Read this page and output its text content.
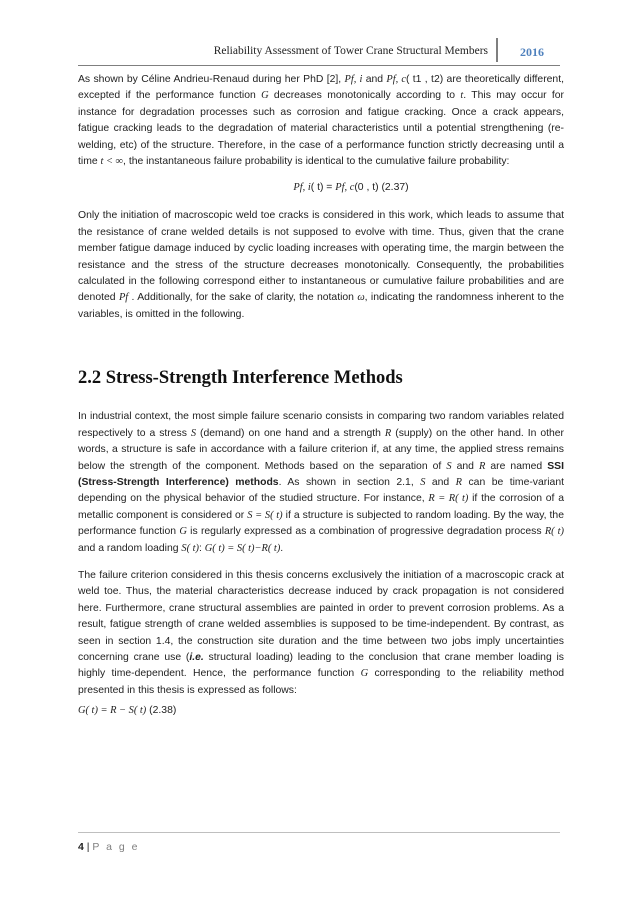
Reliability Assessment of Tower Crane Structural Members	2016

As shown by Céline Andrieu-Renaud during her PhD [2], Pf, i and Pf, c( t1 , t2) are theoretically different, excepted if the performance function G decreases monotonically according to t. This may occur for instance for degradation processes such as corrosion and fatigue cracking. Once a crack appears, fatigue cracking leads to the degradation of material characteristics until a potential strengthening (re-welding, etc) of the structure. Therefore, in the case of a performance function strictly decreasing until a time t < ∞, the instantaneous failure probability is identical to the cumulative failure probability:

Pf, i( t) = Pf, c(0 , t) (2.37)

Only the initiation of macroscopic weld toe cracks is considered in this work, which leads to assume that the resistance of crane welded details is not supposed to evolve with time. Thus, given that the crane member fatigue damage induced by cyclic loading increases with operating time, the margin between the resistance and the stress of the structure decreases monotonically. Consequently, the probabilities calculated in the following correspond either to instantaneous or cumulative failure probabilities and are denoted Pf . Additionally, for the sake of clarity, the notation ω, indicating the randomness inherent to the variables, is omitted in the following.

2.2 Stress-Strength Interference Methods

In industrial context, the most simple failure scenario consists in comparing two random variables related respectively to a stress S (demand) on one hand and a strength R (supply) on the other hand. In other words, a structure is safe in accordance with a failure criterion if, at any time, the applied stress remains below the strength of the component. Methods based on the separation of S and R are named SSI (Stress-Strength Interference) methods. As shown in section 2.1, S and R can be time-variant depending on the physical behavior of the studied structure. For instance, R = R( t) if the corrosion of a metallic component is considered or S = S( t) if a structure is subjected to random loading. By the way, the performance function G is regularly expressed as a combination of progressive degradation process R( t) and a random loading S( t): G( t) = S( t)−R( t).

The failure criterion considered in this thesis concerns exclusively the initiation of a macroscopic crack at weld toe. Thus, the material characteristics decrease induced by crack propagation is not considered here. Furthermore, crane structural assemblies are painted in order to prevent corrosion problems. As a result, fatigue strength of crane welded assemblies is supposed to be time-independent. By contrast, as seen in section 1.4, the construction site duration and the time between two jobs imply uncertainties concerning crane use (i.e. structural loading) leading to the conclusion that crane member loading is highly time-dependent. Hence, the performance function G corresponding to the reliability method presented in this thesis is expressed as follows:

G( t) = R − S( t) (2.38)

4 | P a g e
